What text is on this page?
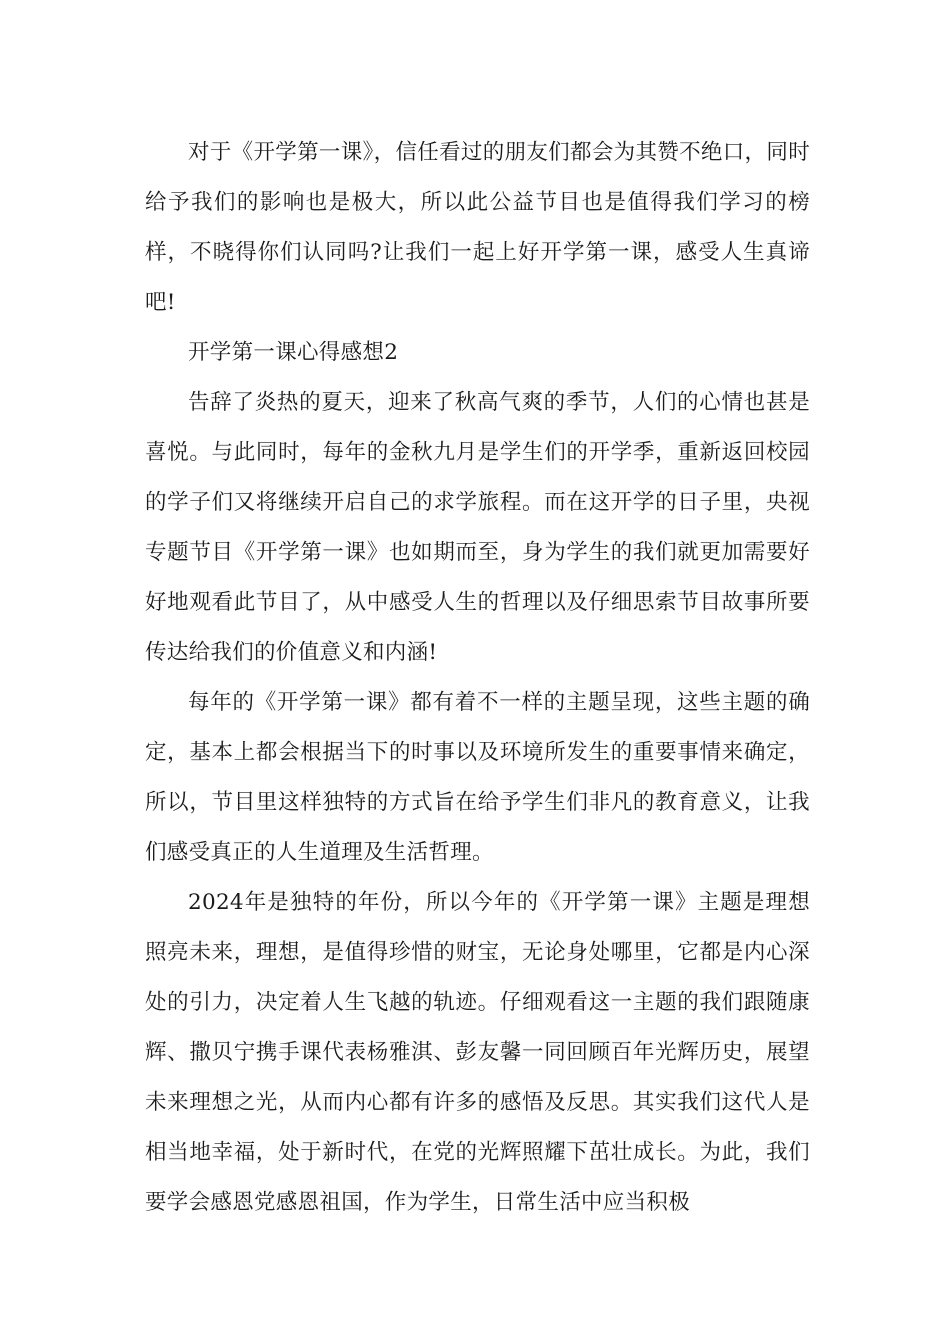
对于《开学第一课》，信任看过的朋友们都会为其赞不绝口，同时给予我们的影响也是极大，所以此公益节目也是值得我们学习的榜样，不晓得你们认同吗?让我们一起上好开学第一课，感受人生真谛吧!

开学第一课心得感想2

告辞了炎热的夏天，迎来了秋高气爽的季节，人们的心情也甚是喜悦。与此同时，每年的金秋九月是学生们的开学季，重新返回校园的学子们又将继续开启自己的求学旅程。而在这开学的日子里，央视专题节目《开学第一课》也如期而至，身为学生的我们就更加需要好好地观看此节目了，从中感受人生的哲理以及仔细思索节目故事所要传达给我们的价值意义和内涵!

每年的《开学第一课》都有着不一样的主题呈现，这些主题的确定，基本上都会根据当下的时事以及环境所发生的重要事情来确定，所以，节目里这样独特的方式旨在给予学生们非凡的教育意义，让我们感受真正的人生道理及生活哲理。

2024年是独特的年份，所以今年的《开学第一课》主题是理想照亮未来，理想，是值得珍惜的财宝，无论身处哪里，它都是内心深处的引力，决定着人生飞越的轨迹。仔细观看这一主题的我们跟随康辉、撒贝宁携手课代表杨雅淇、彭友馨一同回顾百年光辉历史，展望未来理想之光，从而内心都有许多的感悟及反思。其实我们这代人是相当地幸福，处于新时代，在党的光辉照耀下茁壮成长。为此，我们要学会感恩党感恩祖国，作为学生，日常生活中应当积极
